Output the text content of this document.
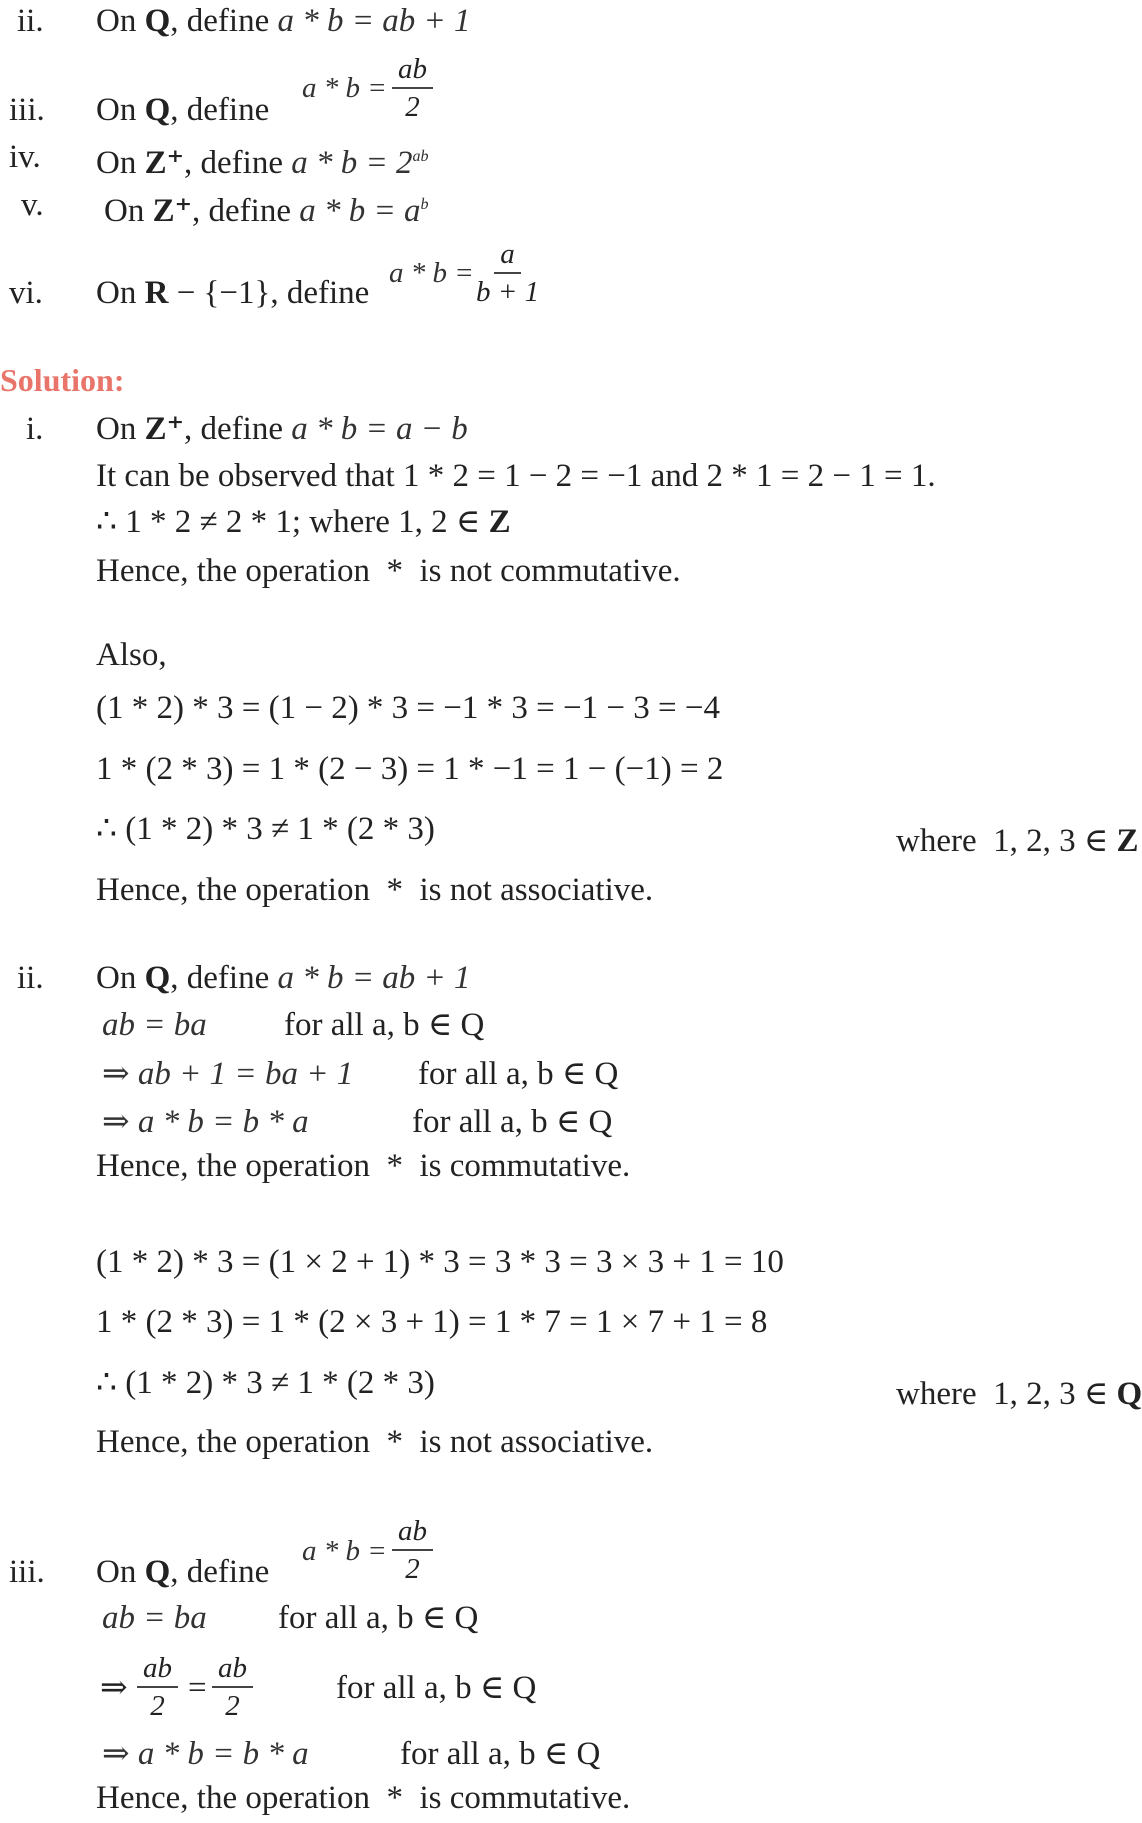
ii. On Q, define a * b = ab + 1
iii. On Q, define
$a * b = \frac{ab}{2}$
iv. On Z⁺, define $a * b = 2^{ab}$
v. On Z⁺, define $a * b = a^b$
vi. On R − {−1}, define
$a * b = \frac{a}{b + 1}$
Solution:
i. On Z⁺, define a * b = a − b
It can be observed that 1 * 2 = 1 − 2 = −1 and 2 * 1 = 2 − 1 = 1.
∴ 1 * 2 ≠ 2 * 1; where 1, 2 ∈ Z
Hence, the operation  *  is not commutative.
Also,
(1 * 2) * 3 = (1 − 2) * 3 = −1 * 3 = −1 − 3 = −4
1 * (2 * 3) = 1 * (2 − 3) = 1 * −1 = 1 − (−1) = 2
∴ (1 * 2) * 3 ≠ 1 * (2 * 3)	where  1, 2, 3 ∈ Z
Hence, the operation  *  is not associative.
ii. On Q, define a * b = ab + 1
ab = ba for all a, b ∈ Q
⇒ ab + 1 = ba + 1 for all a, b ∈ Q
⇒ a * b = b * a	for all a, b ∈ Q
Hence, the operation  *  is commutative.
(1 * 2) * 3 = (1 × 2 + 1) * 3 = 3 * 3 = 3 × 3 + 1 = 10
1 * (2 * 3) = 1 * (2 × 3 + 1) = 1 * 7 = 1 × 7 + 1 = 8
∴ (1 * 2) * 3 ≠ 1 * (2 * 3)	where  1, 2, 3 ∈ Q
Hence, the operation  *  is not associative.
iii. On Q, define
$a * b = \frac{ab}{2}$
ab = ba for all a, b ∈ Q
⇒ $\frac{ab}{2} = \frac{ab}{2}$	for all a, b ∈ Q
⇒ a * b = b * a	for all a, b ∈ Q
Hence, the operation  *  is commutative.
